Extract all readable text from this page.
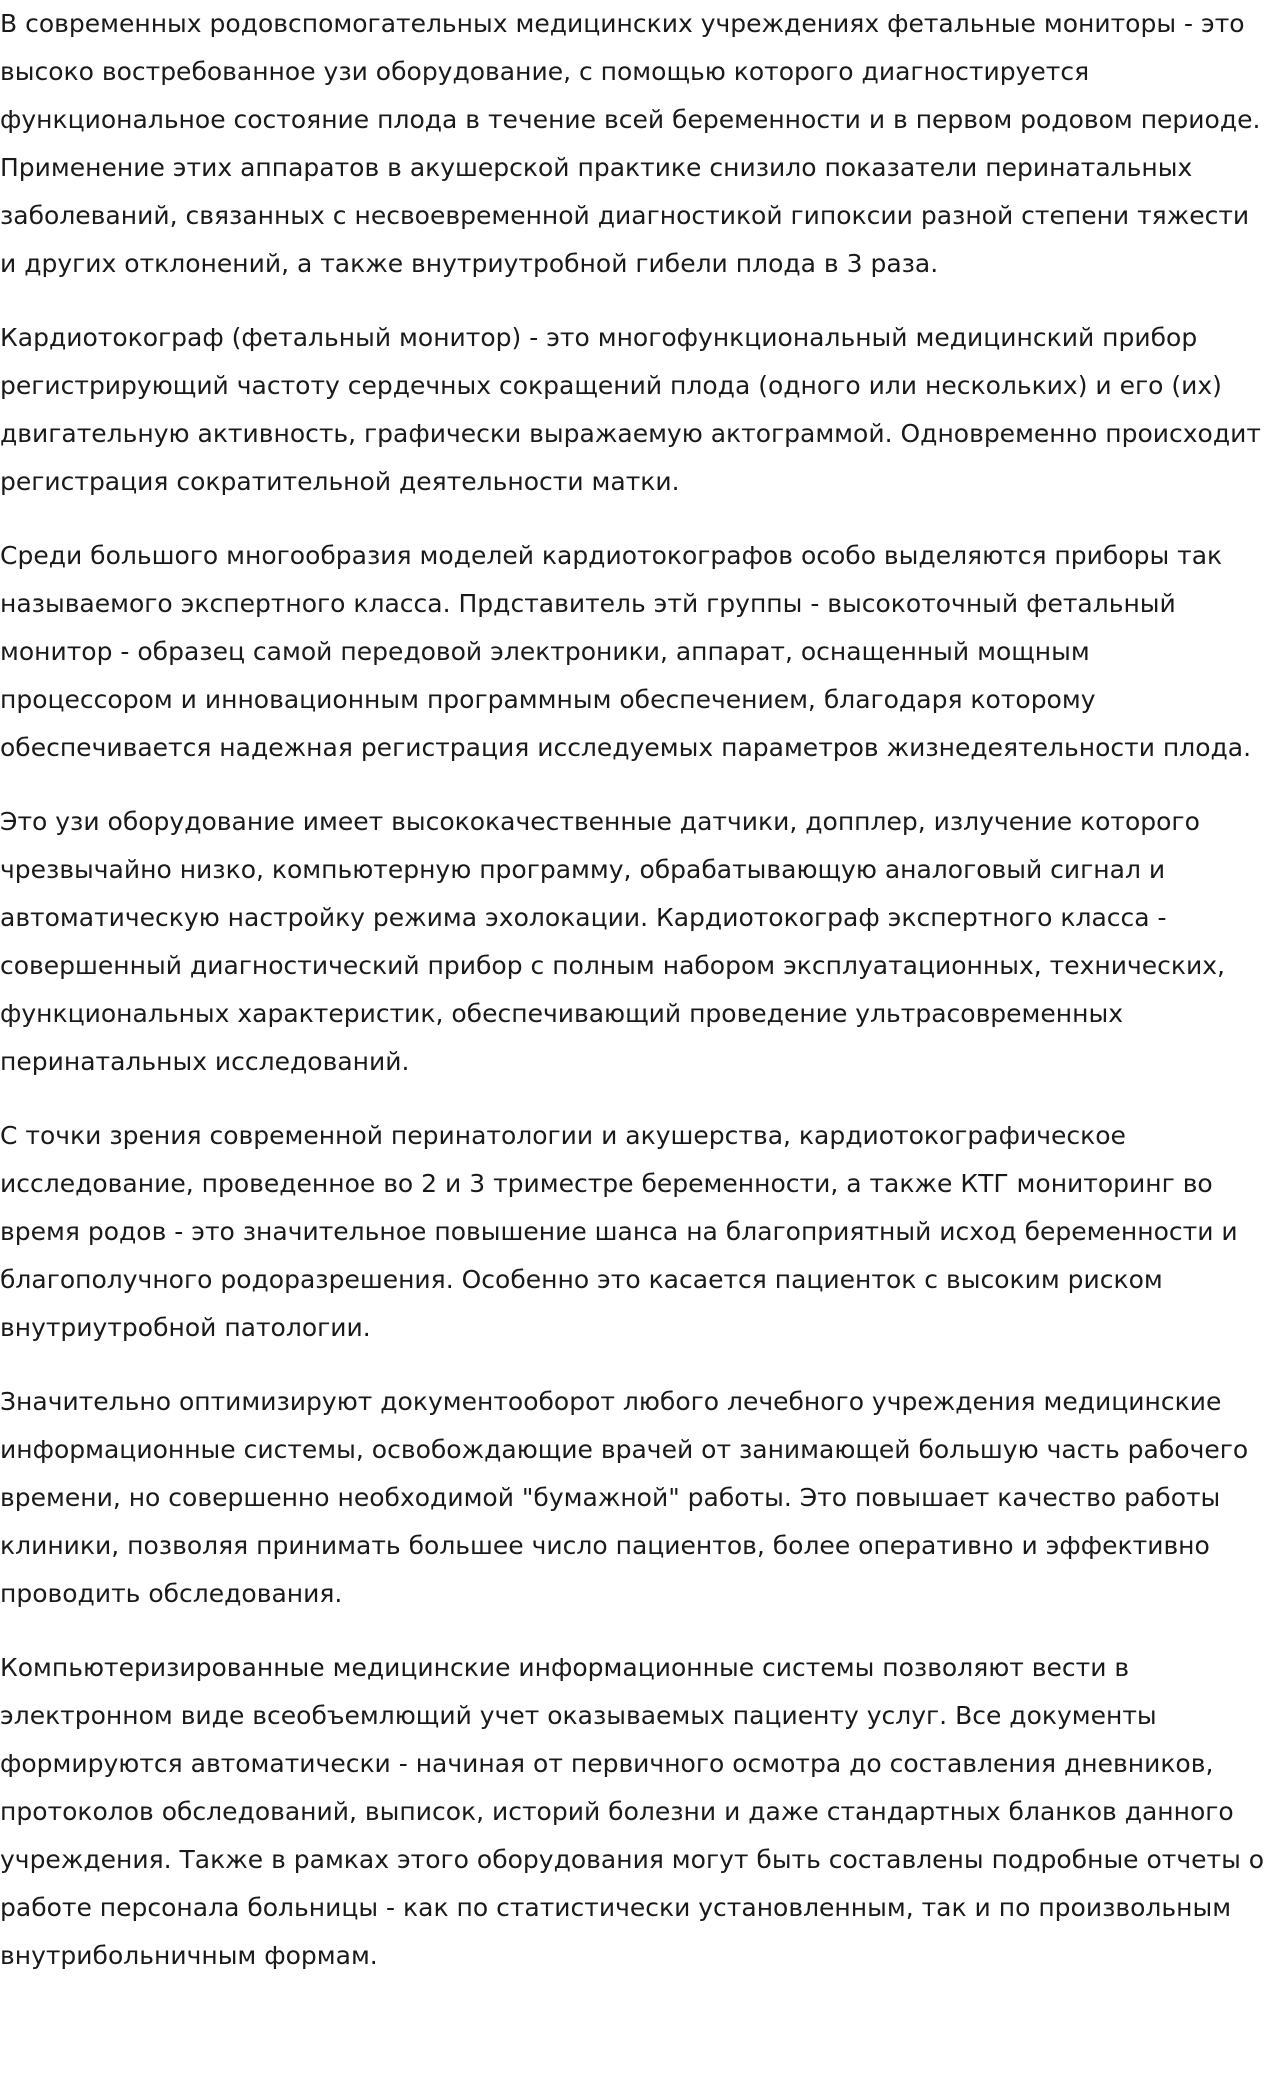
В современных родовспомогательных медицинских учреждениях фетальные мониторы - это высоко востребованное узи оборудование, с помощью которого диагностируется функциональное состояние плода в течение всей беременности и в первом родовом периоде. Применение этих аппаратов в акушерской практике снизило показатели перинатальных заболеваний, связанных с несвоевременной диагностикой гипоксии разной степени тяжести и других отклонений, а также внутриутробной гибели плода в 3 раза.

Кардиотокограф (фетальный монитор) - это многофункциональный медицинский прибор регистрирующий частоту сердечных сокращений плода (одного или нескольких) и его (их) двигательную активность, графически выражаемую актограммой. Одновременно происходит регистрация сократительной деятельности матки.

Среди большого многообразия моделей кардиотокографов особо выделяются приборы так называемого экспертного класса. Прдставитель этй группы - высокоточный фетальный монитор - образец самой передовой электроники, аппарат, оснащенный мощным процессором и инновационным программным обеспечением, благодаря которому обеспечивается надежная регистрация исследуемых параметров жизнедеятельности плода.

Это узи оборудование имеет высококачественные датчики, допплер, излучение которого чрезвычайно низко, компьютерную программу, обрабатывающую аналоговый сигнал и автоматическую настройку режима эхолокации. Кардиотокограф экспертного класса - совершенный диагностический прибор с полным набором эксплуатационных, технических, функциональных характеристик, обеспечивающий проведение ультрасовременных перинатальных исследований.

С точки зрения современной перинатологии и акушерства, кардиотокографическое исследование, проведенное во 2 и 3 триместре беременности, а также КТГ мониторинг во время родов - это значительное повышение шанса на благоприятный исход беременности и благополучного родоразрешения. Особенно это касается пациенток с высоким риском внутриутробной патологии.

Значительно оптимизируют документооборот любого лечебного учреждения медицинские информационные системы, освобождающие врачей от занимающей большую часть рабочего времени, но совершенно необходимой "бумажной" работы. Это повышает качество работы клиники, позволяя принимать большее число пациентов, более оперативно и эффективно проводить обследования.

Компьютеризированные медицинские информационные системы позволяют вести в электронном виде всеобъемлющий учет оказываемых пациенту услуг. Все документы формируются автоматически - начиная от первичного осмотра до составления дневников, протоколов обследований, выписок, историй болезни и даже стандартных бланков данного учреждения. Также в рамках этого оборудования могут быть составлены подробные отчеты о работе персонала больницы - как по статистически установленным, так и по произвольным внутрибольничным формам.
